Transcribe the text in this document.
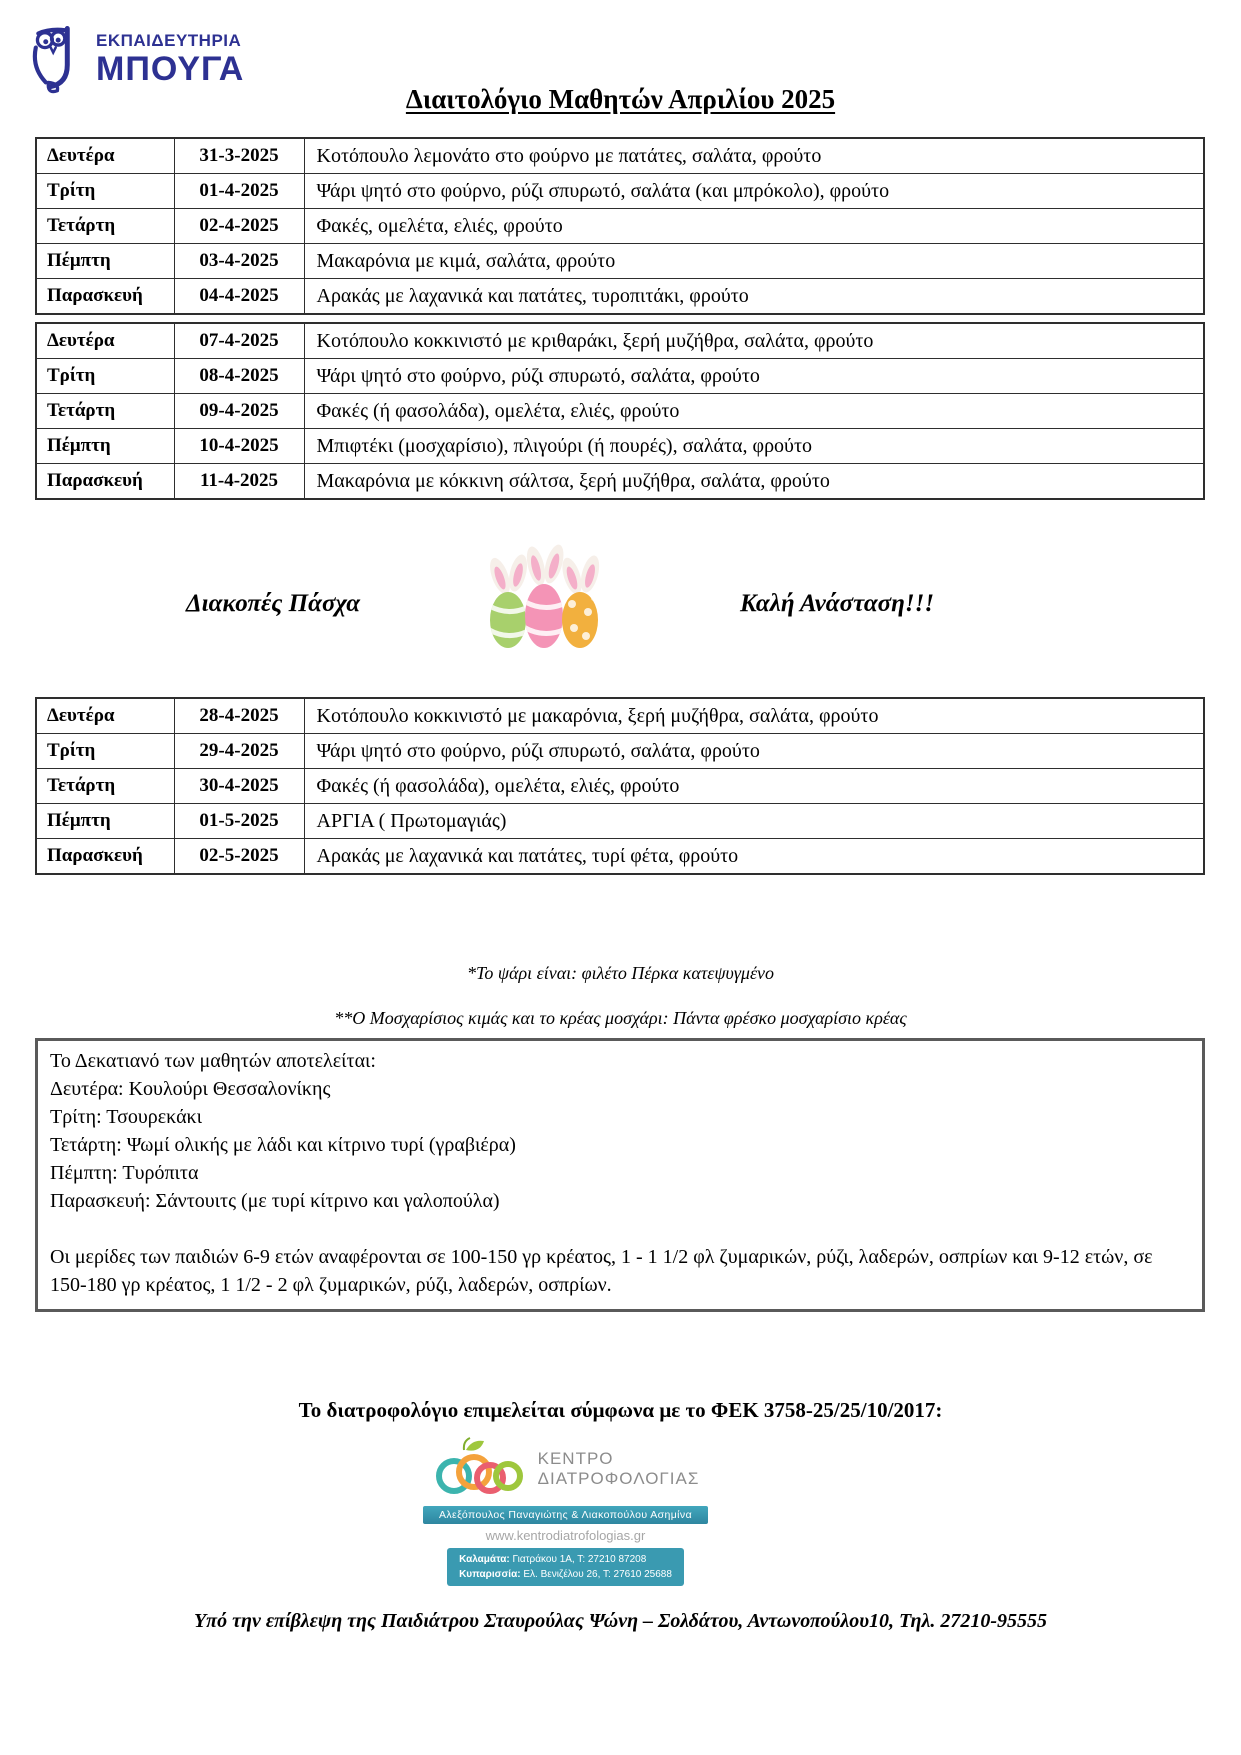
ΕΚΠΑΙΔΕΥΤΗΡΙΑ
ΜΠΟΥΓΑ
Διαιτολόγιο Μαθητών Απριλίου 2025
Δευτέρα	31-3-2025	Κοτόπουλο λεμονάτο στο φούρνο με πατάτες, σαλάτα, φρούτο
Τρίτη	01-4-2025	Ψάρι ψητό στο φούρνο, ρύζι σπυρωτό, σαλάτα (και μπρόκολο), φρούτο
Τετάρτη	02-4-2025	Φακές, ομελέτα, ελιές, φρούτο
Πέμπτη	03-4-2025	Μακαρόνια με κιμά, σαλάτα, φρούτο
Παρασκευή	04-4-2025	Αρακάς με λαχανικά και πατάτες, τυροπιτάκι, φρούτο
Δευτέρα	07-4-2025	Κοτόπουλο κοκκινιστό με κριθαράκι, ξερή μυζήθρα, σαλάτα, φρούτο
Τρίτη	08-4-2025	Ψάρι ψητό στο φούρνο, ρύζι σπυρωτό, σαλάτα, φρούτο
Τετάρτη	09-4-2025	Φακές (ή φασολάδα), ομελέτα, ελιές, φρούτο
Πέμπτη	10-4-2025	Μπιφτέκι (μοσχαρίσιο), πλιγούρι (ή πουρές), σαλάτα, φρούτο
Παρασκευή	11-4-2025	Μακαρόνια με κόκκινη σάλτσα, ξερή μυζήθρα, σαλάτα, φρούτο
Διακοπές Πάσχα	Καλή Ανάσταση!!!
Δευτέρα	28-4-2025	Κοτόπουλο κοκκινιστό με μακαρόνια, ξερή μυζήθρα, σαλάτα, φρούτο
Τρίτη	29-4-2025	Ψάρι ψητό στο φούρνο, ρύζι σπυρωτό, σαλάτα, φρούτο
Τετάρτη	30-4-2025	Φακές (ή φασολάδα), ομελέτα, ελιές, φρούτο
Πέμπτη	01-5-2025	ΑΡΓΙΑ ( Πρωτομαγιάς)
Παρασκευή	02-5-2025	Αρακάς με λαχανικά και πατάτες, τυρί φέτα, φρούτο

*Το ψάρι είναι: φιλέτο Πέρκα κατεψυγμένο

**Ο Μοσχαρίσιος κιμάς και το κρέας μοσχάρι: Πάντα φρέσκο μοσχαρίσιο κρέας

Το Δεκατιανό των μαθητών αποτελείται:

Δευτέρα: Κουλούρι Θεσσαλονίκης

Τρίτη: Τσουρεκάκι

Τετάρτη: Ψωμί ολικής με λάδι και κίτρινο τυρί (γραβιέρα)

Πέμπτη: Τυρόπιτα

Παρασκευή: Σάντουιτς (με τυρί κίτρινο και γαλοπούλα)

Οι μερίδες των παιδιών 6-9 ετών αναφέρονται σε 100-150 γρ κρέατος, 1 - 1 1/2 φλ ζυμαρικών, ρύζι, λαδερών, οσπρίων και 9-12 ετών, σε 150-180 γρ κρέατος, 1 1/2 - 2 φλ ζυμαρικών, ρύζι, λαδερών, οσπρίων.

Το διατροφολόγιο επιμελείται σύμφωνα με το ΦΕΚ 3758-25/25/10/2017:

ΚΕΝΤΡΟ
ΔΙΑΤΡΟΦΟΛΟΓΙΑΣ
Αλεξόπουλος Παναγιώτης & Λιακοπούλου Ασημίνα
www.kentrodiatrofologias.gr
Καλαμάτα: Γιατράκου 1Α, Τ: 27210 87208
Κυπαρισσία: Ελ. Βενιζέλου 26, Τ: 27610 25688

Υπό την επίβλεψη της Παιδιάτρου Σταυρούλας Ψώνη – Σολδάτου, Αντωνοπούλου10, Τηλ. 27210-95555
